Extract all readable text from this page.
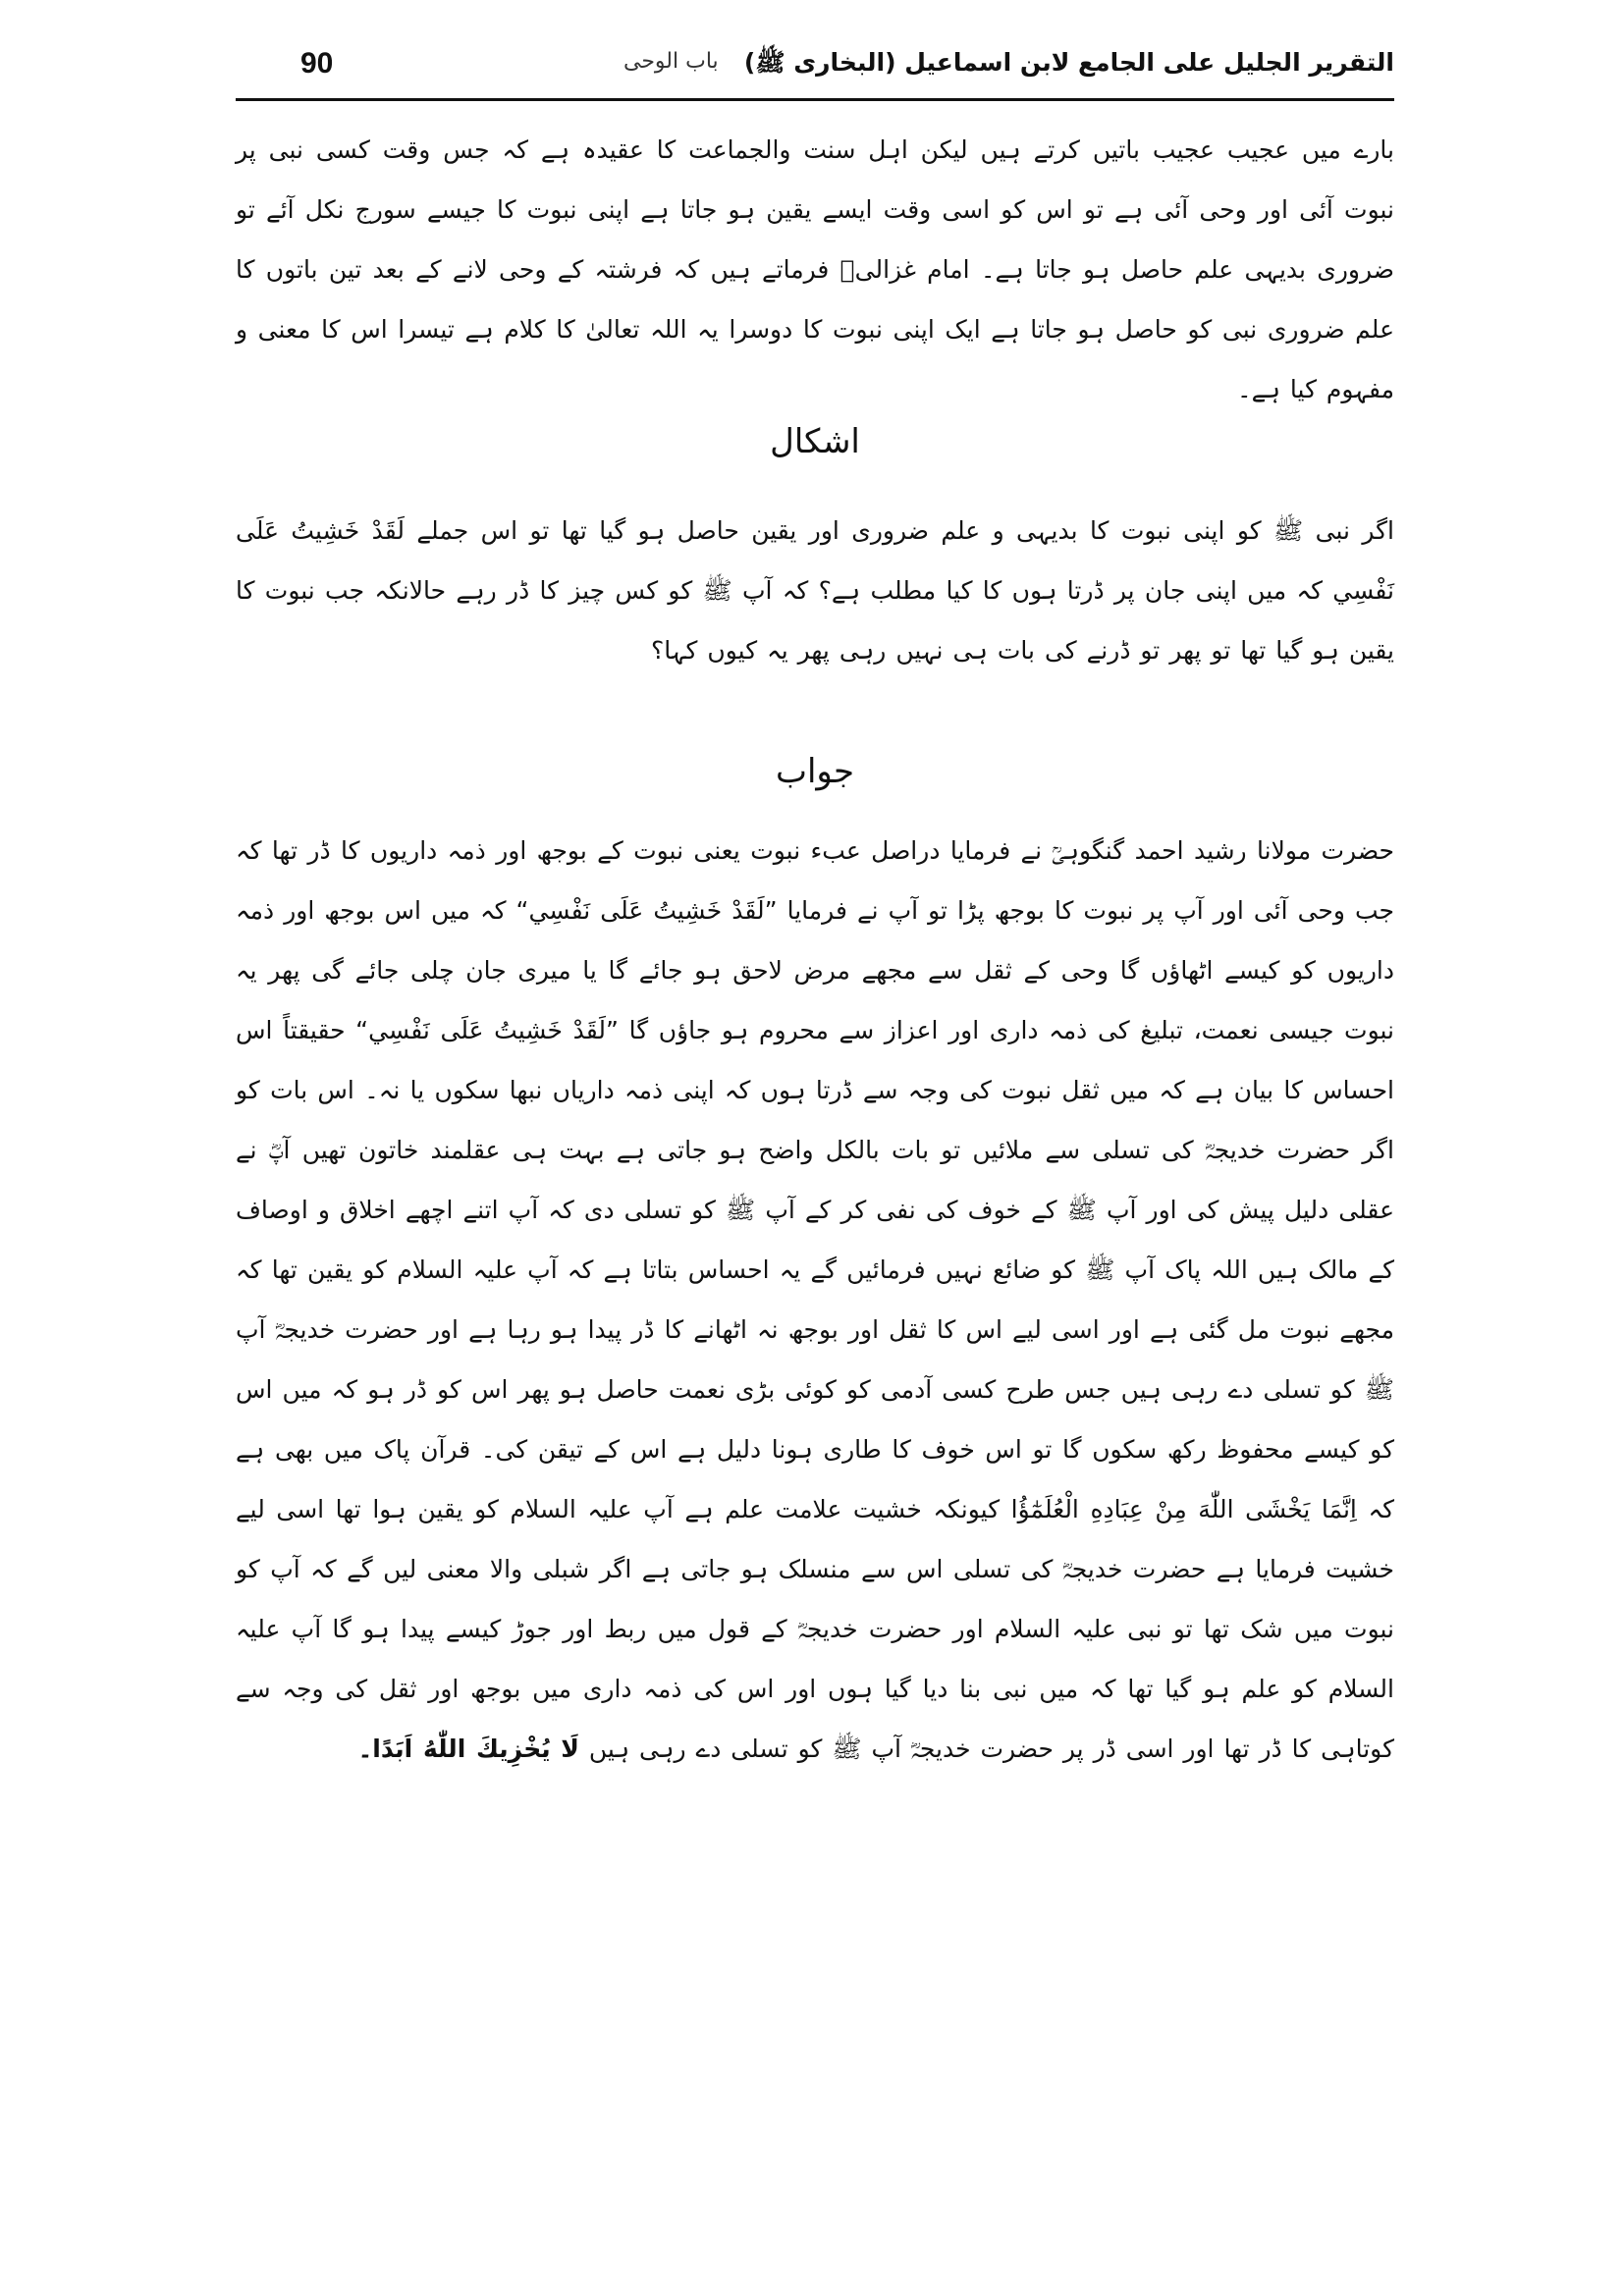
90	باب الوحی التقریر الجلیل علی الجامع لابن اسماعیل (البخاری ﷺ)
بارے میں عجیب عجیب باتیں کرتے ہیں لیکن اہل سنت والجماعت کا عقیدہ ہے کہ جس وقت کسی نبی پر نبوت آئی اور وحی آئی ہے تو اس کو اسی وقت ایسے یقین ہو جاتا ہے اپنی نبوت کا جیسے سورج نکل آئے تو ضروری بدیہی علم حاصل ہو جاتا ہے۔ امام غزالیؒ فرماتے ہیں کہ فرشتہ کے وحی لانے کے بعد تین باتوں کا علم ضروری نبی کو حاصل ہو جاتا ہے ایک اپنی نبوت کا دوسرا یہ اللہ تعالیٰ کا کلام ہے تیسرا اس کا معنی و مفہوم کیا ہے۔
اشکال
اگر نبی ﷺ کو اپنی نبوت کا بدیہی و علم ضروری اور یقین حاصل ہو گیا تھا تو اس جملے لَقَدْ خَشِيتُ عَلَى نَفْسِي کہ میں اپنی جان پر ڈرتا ہوں کا کیا مطلب ہے؟ کہ آپ ﷺ کو کس چیز کا ڈر رہے حالانکہ جب نبوت کا یقین ہو گیا تھا تو پھر تو ڈرنے کی بات ہی نہیں رہی پھر یہ کیوں کہا؟
جواب
حضرت مولانا رشید احمد گنگوہیؒ نے فرمایا دراصل عبء نبوت یعنی نبوت کے بوجھ اور ذمہ داریوں کا ڈر تھا کہ جب وحی آئی اور آپ پر نبوت کا بوجھ پڑا تو آپ نے فرمایا ”لَقَدْ خَشِيتُ عَلَى نَفْسِي“ کہ میں اس بوجھ اور ذمہ داریوں کو کیسے اٹھاؤں گا وحی کے ثقل سے مجھے مرض لاحق ہو جائے گا یا میری جان چلی جائے گی پھر یہ نبوت جیسی نعمت، تبلیغ کی ذمہ داری اور اعزاز سے محروم ہو جاؤں گا ”لَقَدْ خَشِيتُ عَلَى نَفْسِي“ حقیقتاً اس احساس کا بیان ہے کہ میں ثقل نبوت کی وجہ سے ڈرتا ہوں کہ اپنی ذمہ داریاں نبھا سکوں یا نہ۔ اس بات کو اگر حضرت خدیجہؓ کی تسلی سے ملائیں تو بات بالکل واضح ہو جاتی ہے بہت ہی عقلمند خاتون تھیں آپؓ نے عقلی دلیل پیش کی اور آپ ﷺ کے خوف کی نفی کر کے آپ ﷺ کو تسلی دی کہ آپ اتنے اچھے اخلاق و اوصاف کے مالک ہیں اللہ پاک آپ ﷺ کو ضائع نہیں فرمائیں گے یہ احساس بتاتا ہے کہ آپ علیہ السلام کو یقین تھا کہ مجھے نبوت مل گئی ہے اور اسی لیے اس کا ثقل اور بوجھ نہ اٹھانے کا ڈر پیدا ہو رہا ہے اور حضرت خدیجہؓ آپ ﷺ کو تسلی دے رہی ہیں جس طرح کسی آدمی کو کوئی بڑی نعمت حاصل ہو پھر اس کو ڈر ہو کہ میں اس کو کیسے محفوظ رکھ سکوں گا تو اس خوف کا طاری ہونا دلیل ہے اس کے تیقن کی۔ قرآن پاک میں بھی ہے کہ اِنَّمَا يَخْشَى اللّٰهَ مِنْ عِبَادِهِ الْعُلَمٰٓؤُا کیونکہ خشیت علامت علم ہے آپ علیہ السلام کو یقین ہوا تھا اسی لیے خشیت فرمایا ہے حضرت خدیجہؓ کی تسلی اس سے منسلک ہو جاتی ہے اگر شبلی والا معنی لیں گے کہ آپ کو نبوت میں شک تھا تو نبی علیہ السلام اور حضرت خدیجہؓ کے قول میں ربط اور جوڑ کیسے پیدا ہو گا آپ علیہ السلام کو علم ہو گیا تھا کہ میں نبی بنا دیا گیا ہوں اور اس کی ذمہ داری میں بوجھ اور ثقل کی وجہ سے کوتاہی کا ڈر تھا اور اسی ڈر پر حضرت خدیجہؓ آپ ﷺ کو تسلی دے رہی ہیں لَا يُخْزِيكَ اللّٰهُ اَبَدًا۔
